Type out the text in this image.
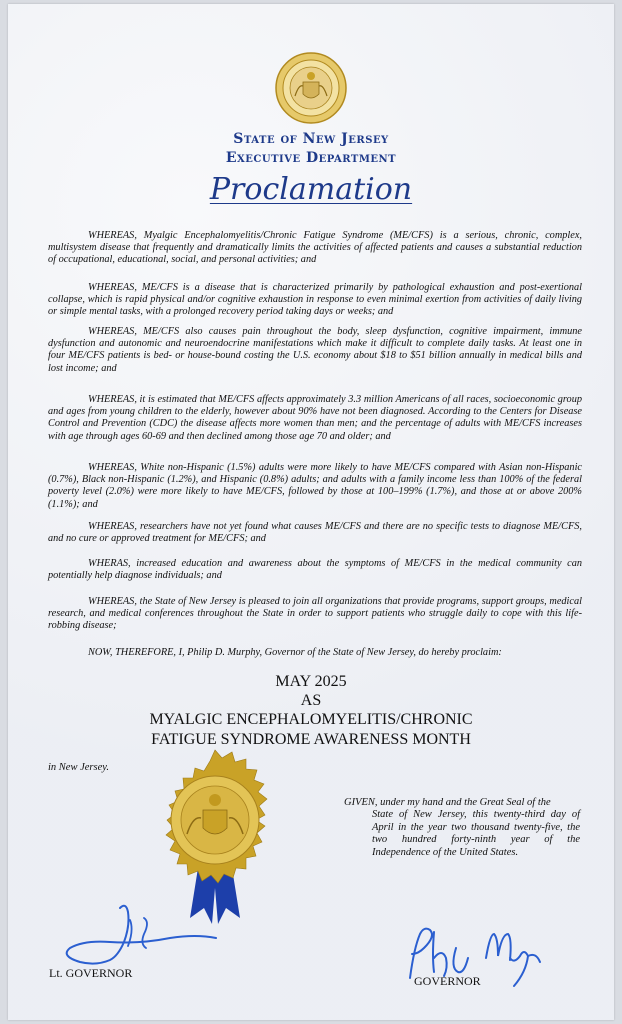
State of New Jersey
Executive Department
Proclamation

WHEREAS, Myalgic Encephalomyelitis/Chronic Fatigue Syndrome (ME/CFS) is a serious, chronic, complex, multisystem disease that frequently and dramatically limits the activities of affected patients and causes a substantial reduction of occupational, educational, social, and personal activities; and

WHEREAS, ME/CFS is a disease that is characterized primarily by pathological exhaustion and post-exertional collapse, which is rapid physical and/or cognitive exhaustion in response to even minimal exertion from activities of daily living or simple mental tasks, with a prolonged recovery period taking days or weeks; and

WHEREAS, ME/CFS also causes pain throughout the body, sleep dysfunction, cognitive impairment, immune dysfunction and autonomic and neuroendocrine manifestations which make it difficult to complete daily tasks. At least one in four ME/CFS patients is bed- or house-bound costing the U.S. economy about $18 to $51 billion annually in medical bills and lost income; and

WHEREAS, it is estimated that ME/CFS affects approximately 3.3 million Americans of all races, socioeconomic group and ages from young children to the elderly, however about 90% have not been diagnosed. According to the Centers for Disease Control and Prevention (CDC) the disease affects more women than men; and the percentage of adults with ME/CFS increases with age through ages 60-69 and then declined among those age 70 and older; and

WHEREAS, White non-Hispanic (1.5%) adults were more likely to have ME/CFS compared with Asian non-Hispanic (0.7%), Black non-Hispanic (1.2%), and Hispanic (0.8%) adults; and adults with a family income less than 100% of the federal poverty level (2.0%) were more likely to have ME/CFS, followed by those at 100–199% (1.7%), and those at or above 200% (1.1%); and

WHEREAS, researchers have not yet found what causes ME/CFS and there are no specific tests to diagnose ME/CFS, and no cure or approved treatment for ME/CFS; and

WHERAS, increased education and awareness about the symptoms of ME/CFS in the medical community can potentially help diagnose individuals; and

WHEREAS, the State of New Jersey is pleased to join all organizations that provide programs, support groups, medical research, and medical conferences throughout the State in order to support patients who struggle daily to cope with this life-robbing disease;

NOW, THEREFORE, I, Philip D. Murphy, Governor of the State of New Jersey, do hereby proclaim:

MAY 2025
AS
MYALGIC ENCEPHALOMYELITIS/CHRONIC
FATIGUE SYNDROME AWARENESS MONTH
in New Jersey.
GIVEN, under my hand and the Great Seal of the
State of New Jersey, this twenty-third day of April in the year two thousand twenty-five, the two hundred forty-ninth year of the Independence of the United States.
Lt. GOVERNOR
GOVERNOR
